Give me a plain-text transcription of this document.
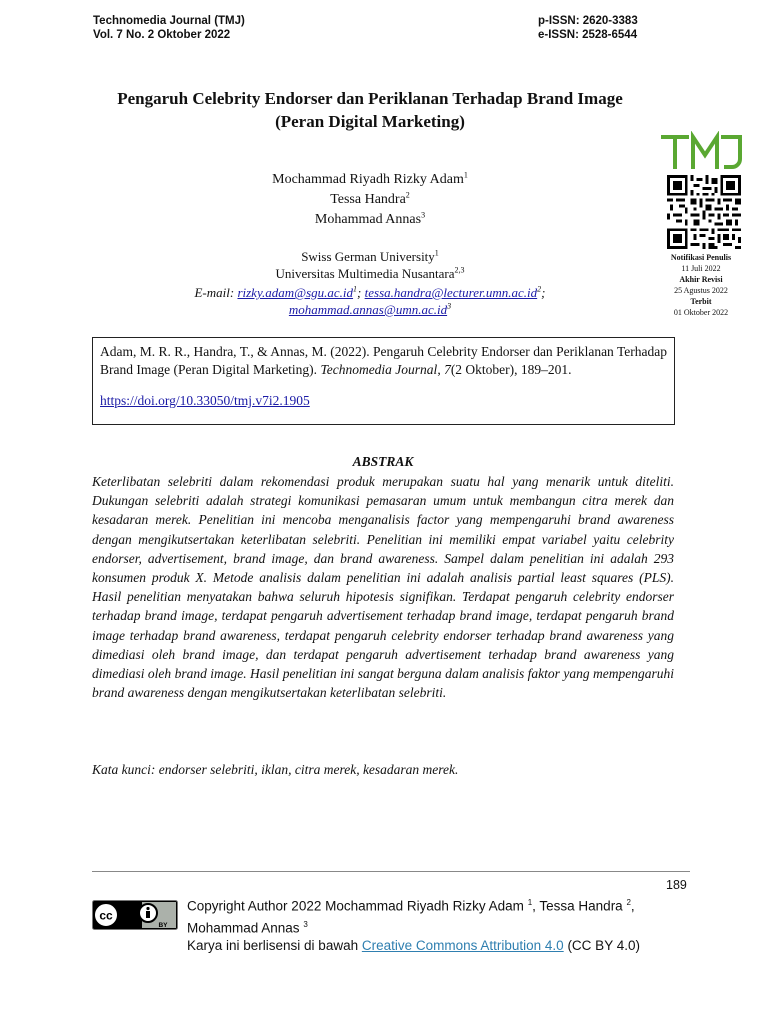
Technomedia Journal (TMJ)
Vol. 7 No. 2 Oktober 2022
p-ISSN: 2620-3383
e-ISSN: 2528-6544
Pengaruh Celebrity Endorser dan Periklanan Terhadap Brand Image
(Peran Digital Marketing)
Mochammad Riyadh Rizky Adam$^1$
Tessa Handra$^2$
Mohammad Annas$^3$
Swiss German University$^1$
Universitas Multimedia Nusantara$^{2,3}$
E-mail: $rizky.adam@sgu.ac.id^1$; $tessa.handra@lecturer.umn.ac.id^2$;
$mohammad.annas@umn.ac.id^3$
Notifikasi Penulis
11 Juli 2022
Akhir Revisi
25 Agustus 2022
Terbit
01 Oktober 2022
Adam, M. R. R., Handra, T., & Annas, M. (2022). Pengaruh Celebrity Endorser dan Periklanan Terhadap Brand Image (Peran Digital Marketing). Technomedia Journal, 7(2 Oktober), 189–201.
https://doi.org/10.33050/tmj.v7i2.1905
ABSTRAK
Keterlibatan selebriti dalam rekomendasi produk merupakan suatu hal yang menarik untuk diteliti. Dukungan selebriti adalah strategi komunikasi pemasaran umum untuk membangun citra merek dan kesadaran merek. Penelitian ini mencoba menganalisis factor yang mempengaruhi brand awareness dengan mengikutsertakan keterlibatan selebriti. Penelitian ini memiliki empat variabel yaitu celebrity endorser, advertisement, brand image, dan brand awareness. Sampel dalam penelitian ini adalah 293 konsumen produk X. Metode analisis dalam penelitian ini adalah analisis partial least squares (PLS). Hasil penelitian menyatakan bahwa seluruh hipotesis signifikan. Terdapat pengaruh celebrity endorser terhadap brand image, terdapat pengaruh advertisement terhadap brand image, terdapat pengaruh brand image terhadap brand awareness, terdapat pengaruh celebrity endorser terhadap brand awareness yang dimediasi oleh brand image, dan terdapat pengaruh advertisement terhadap brand awareness yang dimediasi oleh brand image. Hasil penelitian ini sangat berguna dalam analisis faktor yang mempengaruhi brand awareness dengan mengikutsertakan keterlibatan selebriti.
Kata kunci: endorser selebriti, iklan, citra merek, kesadaran merek.
189
cc
BY
Copyright Author 2022 Mochammad Riyadh Rizky Adam $^1$, Tessa Handra $^2$,
Mohammad Annas $^3$
Karya ini berlisensi di bawah Creative Commons Attribution 4.0 (CC BY 4.0)
